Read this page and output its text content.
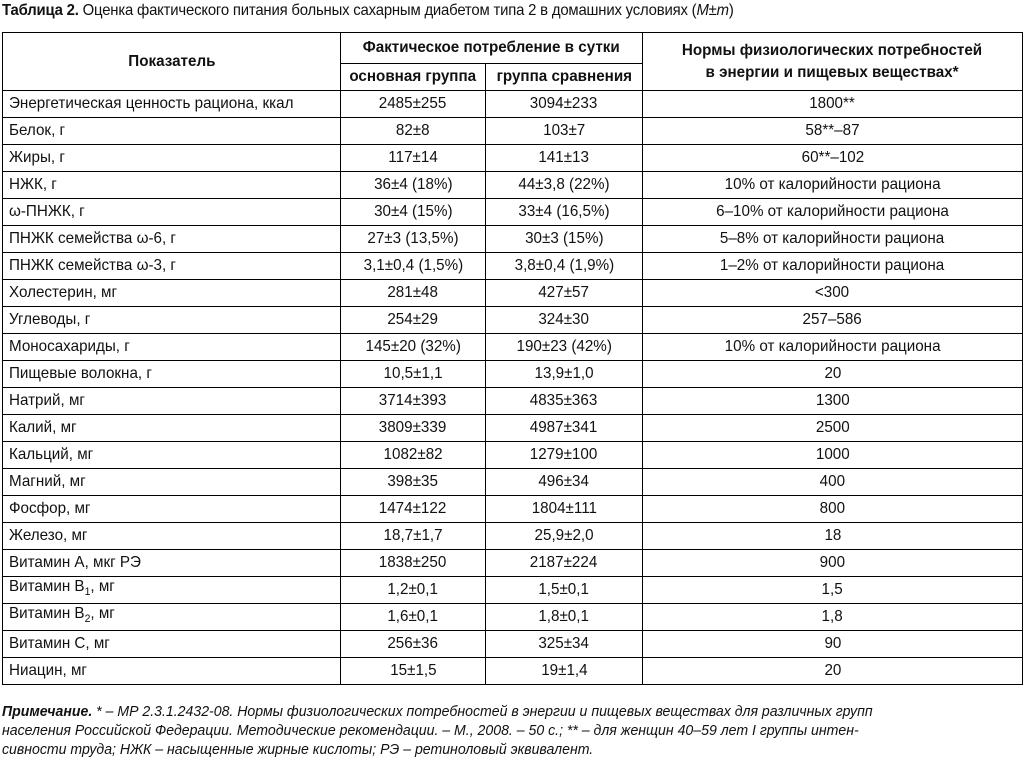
Таблица 2. Оценка фактического питания больных сахарным диабетом типа 2 в домашних условиях (M±m)
Показатель	Фактическое потребление в сутки		Нормы физиологических потребностей
в энергии и пищевых веществах*
	основная группа	группа сравнения	
Энергетическая ценность рациона, ккал	2485±255	3094±233	1800**
Белок, г	82±8	103±7	58**–87
Жиры, г	117±14	141±13	60**–102
НЖК, г	36±4 (18%)	44±3,8 (22%)	10% от калорийности рациона
ω-ПНЖК, г	30±4 (15%)	33±4 (16,5%)	6–10% от калорийности рациона
ПНЖК семейства ω-6, г	27±3 (13,5%)	30±3 (15%)	5–8% от калорийности рациона
ПНЖК семейства ω-3, г	3,1±0,4 (1,5%)	3,8±0,4 (1,9%)	1–2% от калорийности рациона
Холестерин, мг	281±48	427±57	<300
Углеводы, г	254±29	324±30	257–586
Моносахариды, г	145±20 (32%)	190±23 (42%)	10% от калорийности рациона
Пищевые волокна, г	10,5±1,1	13,9±1,0	20
Натрий, мг	3714±393	4835±363	1300
Калий, мг	3809±339	4987±341	2500
Кальций, мг	1082±82	1279±100	1000
Магний, мг	398±35	496±34	400
Фосфор, мг	1474±122	1804±111	800
Железо, мг	18,7±1,7	25,9±2,0	18
Витамин А, мкг РЭ	1838±250	2187±224	900
Витамин $B_1$, мг	1,2±0,1	1,5±0,1	1,5
Витамин $B_2$, мг	1,6±0,1	1,8±0,1	1,8
Витамин С, мг	256±36	325±34	90
Ниацин, мг	15±1,5	19±1,4	20
Примечание. * – МР 2.3.1.2432-08. Нормы физиологических потребностей в энергии и пищевых веществах для различных групп
населения Российской Федерации. Методические рекомендации. – М., 2008. – 50 с.; ** – для женщин 40–59 лет I группы интен-
сивности труда; НЖК – насыщенные жирные кислоты; РЭ – ретиноловый эквивалент.
